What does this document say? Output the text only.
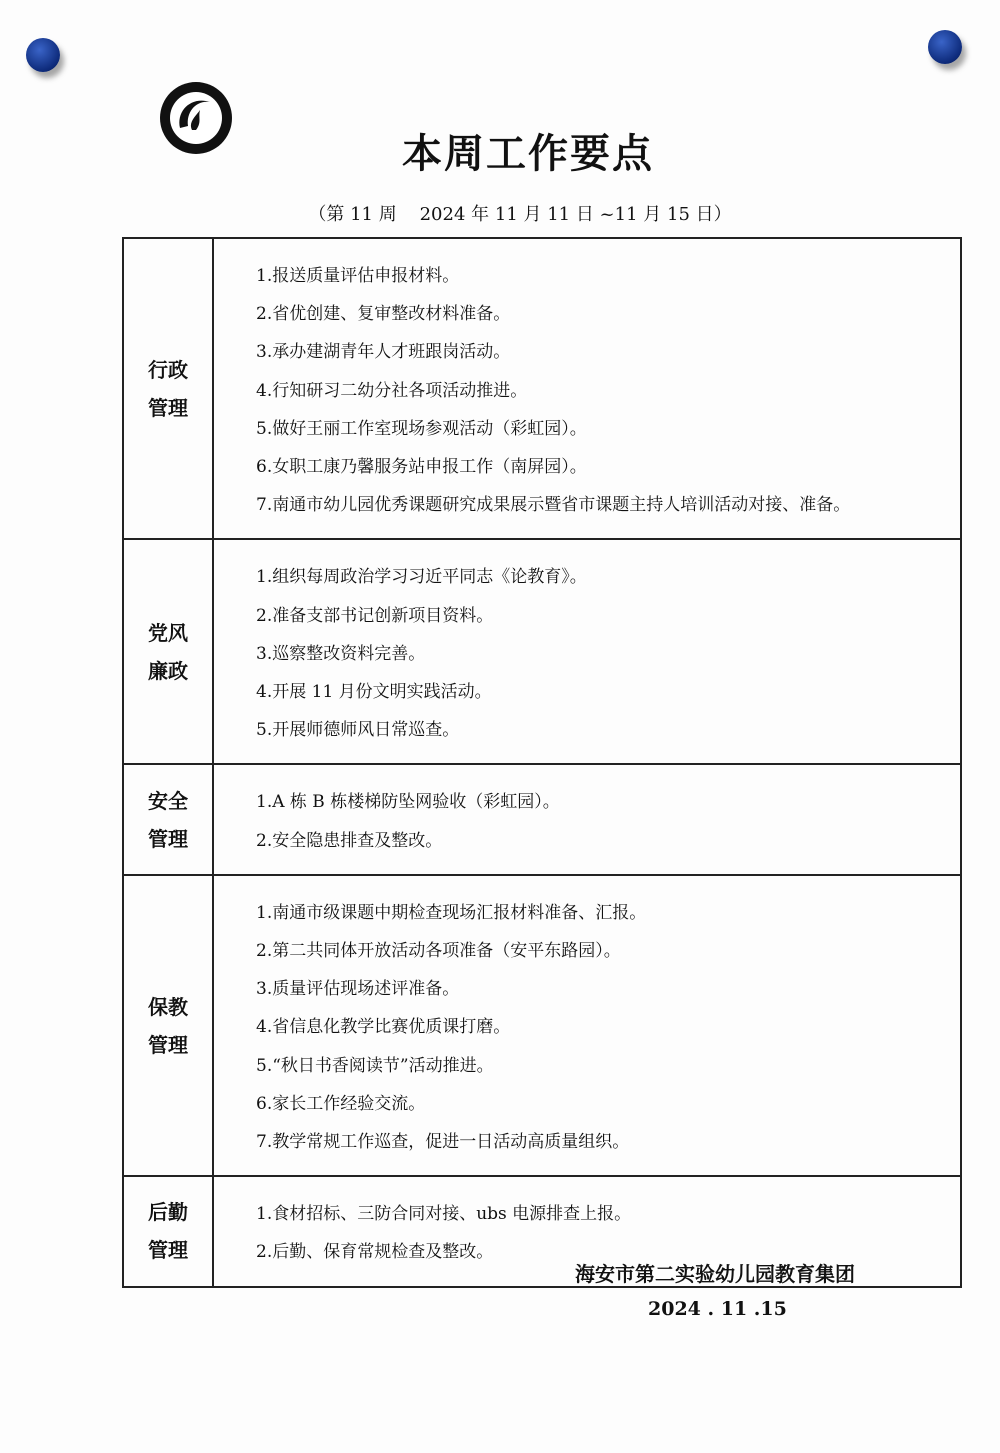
本周工作要点
（第 11 周    2024 年 11 月 11 日 ~11 月 15 日）
行政管理
1.报送质量评估申报材料。
2.省优创建、复审整改材料准备。
3.承办建湖青年人才班跟岗活动。
4.行知研习二幼分社各项活动推进。
5.做好王丽工作室现场参观活动（彩虹园）。
6.女职工康乃馨服务站申报工作（南屏园）。
7.南通市幼儿园优秀课题研究成果展示暨省市课题主持人培训活动对接、准备。
党风廉政
1.组织每周政治学习习近平同志《论教育》。
2.准备支部书记创新项目资料。
3.巡察整改资料完善。
4.开展 11 月份文明实践活动。
5.开展师德师风日常巡查。
安全管理
1.A 栋 B 栋楼梯防坠网验收（彩虹园）。
2.安全隐患排查及整改。
保教管理
1.南通市级课题中期检查现场汇报材料准备、汇报。
2.第二共同体开放活动各项准备（安平东路园）。
3.质量评估现场述评准备。
4.省信息化教学比赛优质课打磨。
5.“秋日书香阅读节”活动推进。
6.家长工作经验交流。
7.教学常规工作巡查，促进一日活动高质量组织。
后勤管理
1.食材招标、三防合同对接、ubs 电源排查上报。
2.后勤、保育常规检查及整改。
海安市第二实验幼儿园教育集团
2024 . 11 .15
